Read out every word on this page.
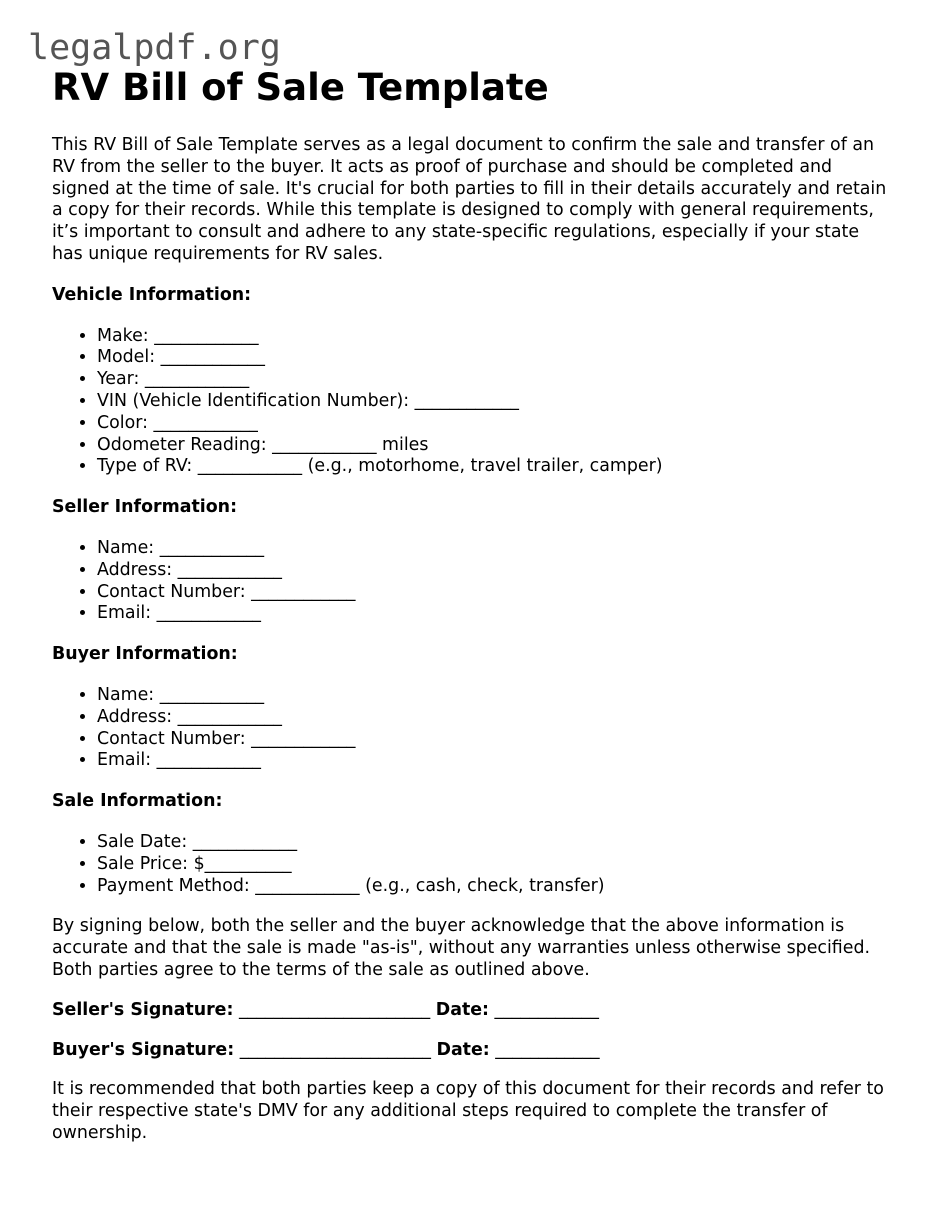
legalpdf.org
RV Bill of Sale Template

This RV Bill of Sale Template serves as a legal document to confirm the sale and transfer of an RV from the seller to the buyer. It acts as proof of purchase and should be completed and signed at the time of sale. It's crucial for both parties to fill in their details accurately and retain a copy for their records. While this template is designed to comply with general requirements, it’s important to consult and adhere to any state-specific regulations, especially if your state has unique requirements for RV sales.

Vehicle Information:
• Make: ____________
• Model: ____________
• Year: ____________
• VIN (Vehicle Identification Number): ____________
• Color: ____________
• Odometer Reading: ____________ miles
• Type of RV: ____________ (e.g., motorhome, travel trailer, camper)
Seller Information:
• Name: ____________
• Address: ____________
• Contact Number: ____________
• Email: ____________
Buyer Information:
• Name: ____________
• Address: ____________
• Contact Number: ____________
• Email: ____________
Sale Information:
• Sale Date: ____________
• Sale Price: $__________
• Payment Method: ____________ (e.g., cash, check, transfer)

By signing below, both the seller and the buyer acknowledge that the above information is accurate and that the sale is made "as-is", without any warranties unless otherwise specified. Both parties agree to the terms of the sale as outlined above.

Seller's Signature: ______________________ Date: ____________
Buyer's Signature: ______________________ Date: ____________

It is recommended that both parties keep a copy of this document for their records and refer to their respective state's DMV for any additional steps required to complete the transfer of ownership.
